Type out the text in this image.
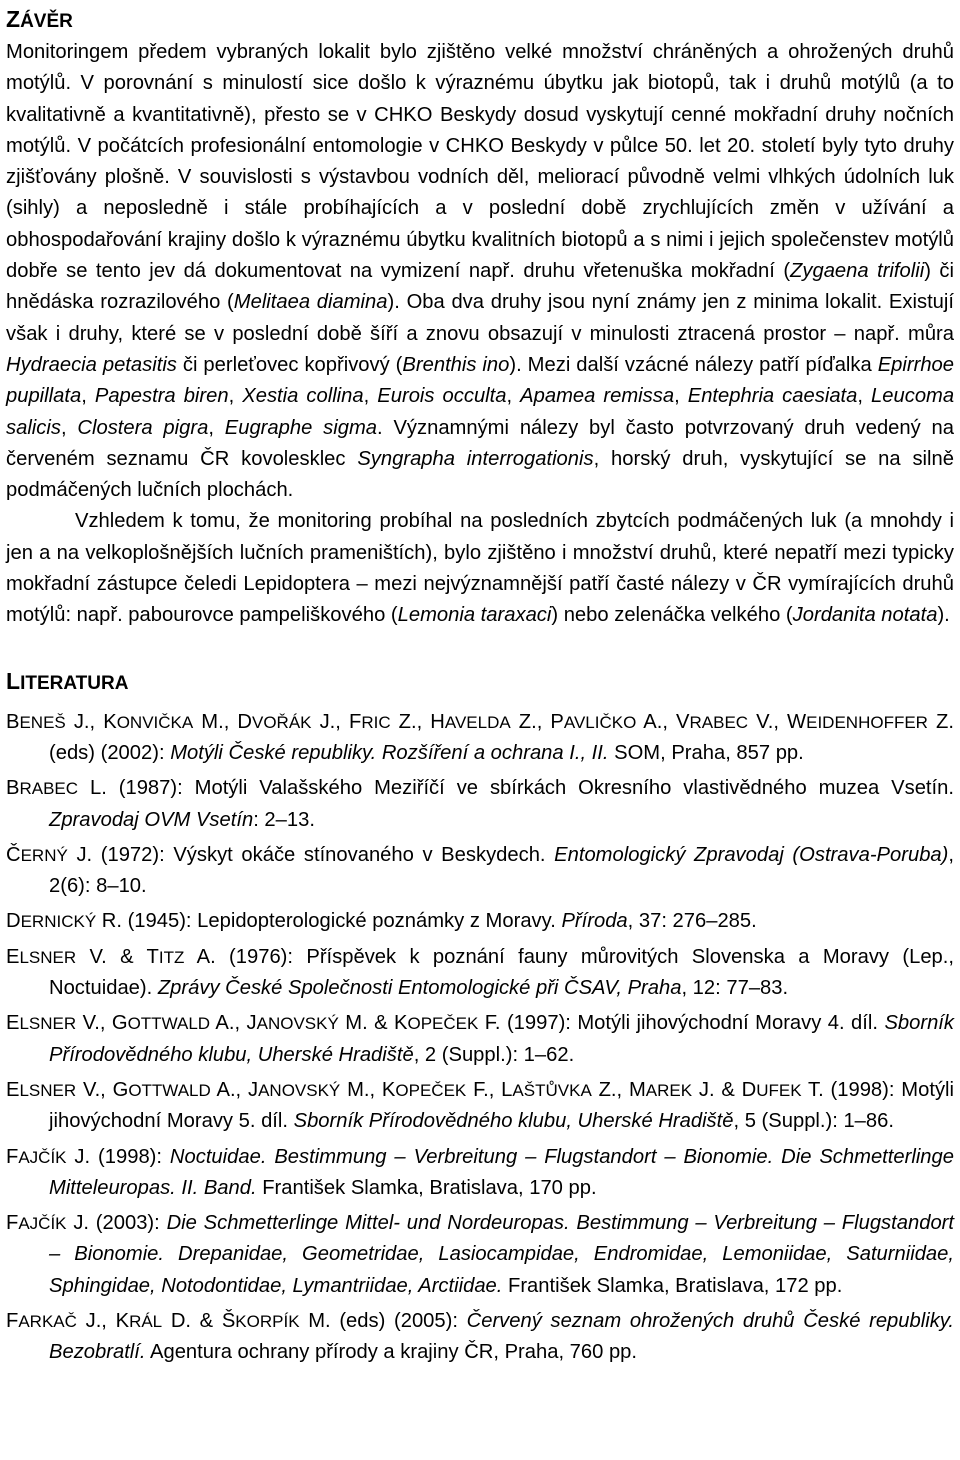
ZÁVĚR

Monitoringem předem vybraných lokalit bylo zjištěno velké množství chráněných a ohrožených druhů motýlů. V porovnání s minulostí sice došlo k výraznému úbytku jak biotopů, tak i druhů motýlů (a to kvalitativně a kvantitativně), přesto se v CHKO Beskydy dosud vyskytují cenné mokřadní druhy nočních motýlů. V počátcích profesionální entomologie v CHKO Beskydy v půlce 50. let 20. století byly tyto druhy zjišťovány plošně. V souvislosti s výstavbou vodních děl, meliorací původně velmi vlhkých údolních luk (sihly) a neposledně i stále probíhajících a v poslední době zrychlujících změn v užívání a obhospodařování krajiny došlo k výraznému úbytku kvalitních biotopů a s nimi i jejich společenstev motýlů dobře se tento jev dá dokumentovat na vymizení např. druhu vřetenuška mokřadní (Zygaena trifolii) či hnědáska rozrazilového (Melitaea diamina). Oba dva druhy jsou nyní známy jen z minima lokalit. Existují však i druhy, které se v poslední době šíří a znovu obsazují v minulosti ztracená prostor – např. můra Hydraecia petasitis či perleťovec kopřivový (Brenthis ino). Mezi další vzácné nálezy patří píďalka Epirrhoe pupillata, Papestra biren, Xestia collina, Eurois occulta, Apamea remissa, Entephria caesiata, Leucoma salicis, Clostera pigra, Eugraphe sigma. Významnými nálezy byl často potvrzovaný druh vedený na červeném seznamu ČR kovolesklec Syngrapha interrogationis, horský druh, vyskytující se na silně podmáčených lučních plochách.

Vzhledem k tomu, že monitoring probíhal na posledních zbytcích podmáčených luk (a mnohdy i jen a na velkoplošnějších lučních prameništích), bylo zjištěno i množství druhů, které nepatří mezi typicky mokřadní zástupce čeledi Lepidoptera – mezi nejvýznamnější patří časté nálezy v ČR vymírajících druhů motýlů: např. pabourovce pampeliškového (Lemonia taraxaci) nebo zelenáčka velkého (Jordanita notata).

LITERATURA

BENEŠ J., KONVIČKA M., DVOŘÁK J., FRIC Z., HAVELDA Z., PAVLIČKO A., VRABEC V., WEIDENHOFFER Z. (eds) (2002): Motýli České republiky. Rozšíření a ochrana I., II. SOM, Praha, 857 pp.

BRABEC L. (1987): Motýli Valašského Meziříčí ve sbírkách Okresního vlastivědného muzea Vsetín. Zpravodaj OVM Vsetín: 2–13.

ČERNÝ J. (1972): Výskyt okáče stínovaného v Beskydech. Entomologický Zpravodaj (Ostrava-Poruba), 2(6): 8–10.

DERNICKÝ R. (1945): Lepidopterologické poznámky z Moravy. Příroda, 37: 276–285.

ELSNER V. & TITZ A. (1976): Příspěvek k poznání fauny můrovitých Slovenska a Moravy (Lep., Noctuidae). Zprávy České Společnosti Entomologické při ČSAV, Praha, 12: 77–83.

ELSNER V., GOTTWALD A., JANOVSKÝ M. & KOPEČEK F. (1997): Motýli jihovýchodní Moravy 4. díl. Sborník Přírodovědného klubu, Uherské Hradiště, 2 (Suppl.): 1–62.

ELSNER V., GOTTWALD A., JANOVSKÝ M., KOPEČEK F., LAŠTŮVKA Z., MAREK J. & DUFEK T. (1998): Motýli jihovýchodní Moravy 5. díl. Sborník Přírodovědného klubu, Uherské Hradiště, 5 (Suppl.): 1–86.

FAJČÍK J. (1998): Noctuidae. Bestimmung – Verbreitung – Flugstandort – Bionomie. Die Schmetterlinge Mitteleuropas. II. Band. František Slamka, Bratislava, 170 pp.

FAJČÍK J. (2003): Die Schmetterlinge Mittel- und Nordeuropas. Bestimmung – Verbreitung – Flugstandort – Bionomie. Drepanidae, Geometridae, Lasiocampidae, Endromidae, Lemoniidae, Saturniidae, Sphingidae, Notodontidae, Lymantriidae, Arctiidae. František Slamka, Bratislava, 172 pp.

FARKAČ J., KRÁL D. & ŠKORPÍK M. (eds) (2005): Červený seznam ohrožených druhů České republiky. Bezobratlí. Agentura ochrany přírody a krajiny ČR, Praha, 760 pp.
